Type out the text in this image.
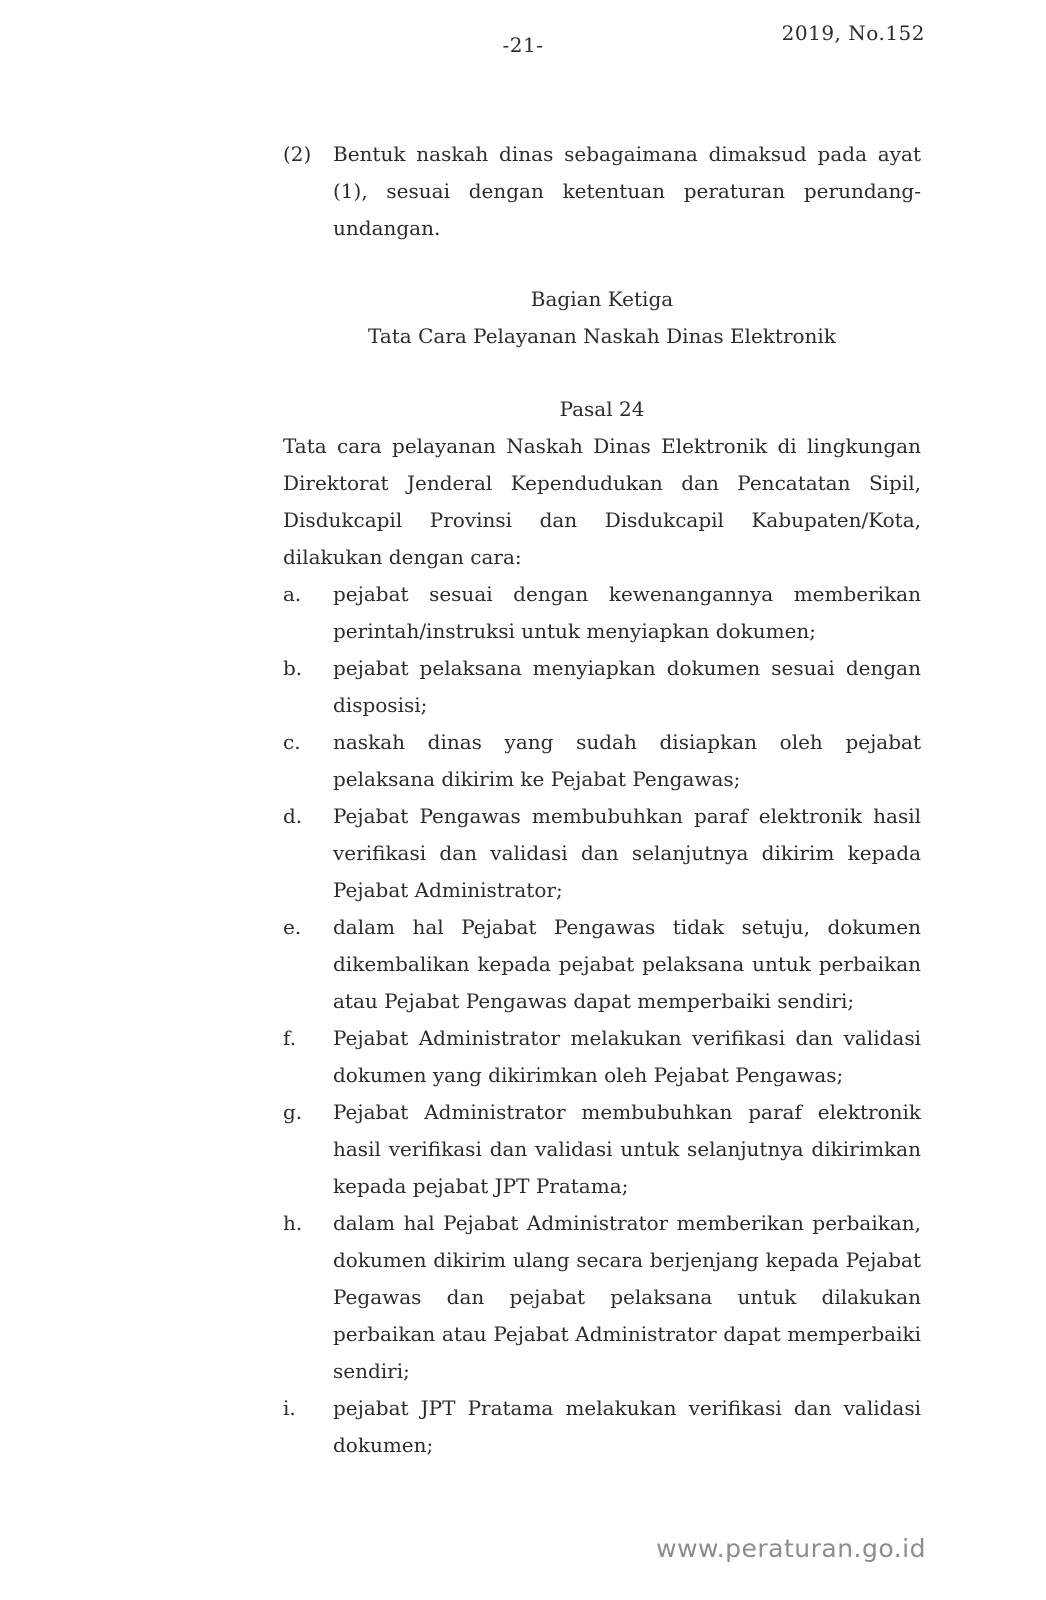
-21-	2019, No.152
(2) Bentuk naskah dinas sebagaimana dimaksud pada ayat (1), sesuai dengan ketentuan peraturan perundang-undangan.
Bagian Ketiga
Tata Cara Pelayanan Naskah Dinas Elektronik
Pasal 24
Tata cara pelayanan Naskah Dinas Elektronik di lingkungan Direktorat Jenderal Kependudukan dan Pencatatan Sipil, Disdukcapil Provinsi dan Disdukcapil Kabupaten/Kota, dilakukan dengan cara:
a. pejabat sesuai dengan kewenangannya memberikan perintah/instruksi untuk menyiapkan dokumen;
b. pejabat pelaksana menyiapkan dokumen sesuai dengan disposisi;
c. naskah dinas yang sudah disiapkan oleh pejabat pelaksana dikirim ke Pejabat Pengawas;
d. Pejabat Pengawas membubuhkan paraf elektronik hasil verifikasi dan validasi dan selanjutnya dikirim kepada Pejabat Administrator;
e. dalam hal Pejabat Pengawas tidak setuju, dokumen dikembalikan kepada pejabat pelaksana untuk perbaikan atau Pejabat Pengawas dapat memperbaiki sendiri;
f. Pejabat Administrator melakukan verifikasi dan validasi dokumen yang dikirimkan oleh Pejabat Pengawas;
g. Pejabat Administrator membubuhkan paraf elektronik hasil verifikasi dan validasi untuk selanjutnya dikirimkan kepada pejabat JPT Pratama;
h. dalam hal Pejabat Administrator memberikan perbaikan, dokumen dikirim ulang secara berjenjang kepada Pejabat Pegawas dan pejabat pelaksana untuk dilakukan perbaikan atau Pejabat Administrator dapat memperbaiki sendiri;
i. pejabat JPT Pratama melakukan verifikasi dan validasi dokumen;
www.peraturan.go.id
